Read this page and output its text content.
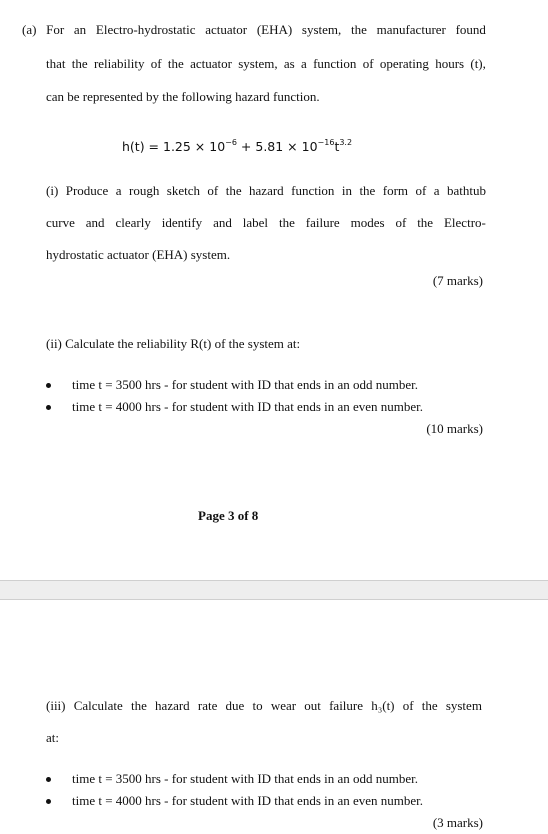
(a) For an Electro-hydrostatic actuator (EHA) system, the manufacturer found
that the reliability of the actuator system, as a function of operating hours (t),
can be represented by the following hazard function.
$h(t) = 1.25 \times 10^{-6} + 5.81 \times 10^{-16}t^{3.2}$
(i) Produce a rough sketch of the hazard function in the form of a bathtub
curve and clearly identify and label the failure modes of the Electro-
hydrostatic actuator (EHA) system.
(7 marks)
(ii) Calculate the reliability R(t) of the system at:
time t = 3500 hrs - for student with ID that ends in an odd number.
time t = 4000 hrs - for student with ID that ends in an even number.
(10 marks)
Page 3 of 8
(iii) Calculate the hazard rate due to wear out failure h₃(t) of the system
at:
time t = 3500 hrs - for student with ID that ends in an odd number.
time t = 4000 hrs - for student with ID that ends in an even number.
(3 marks)
